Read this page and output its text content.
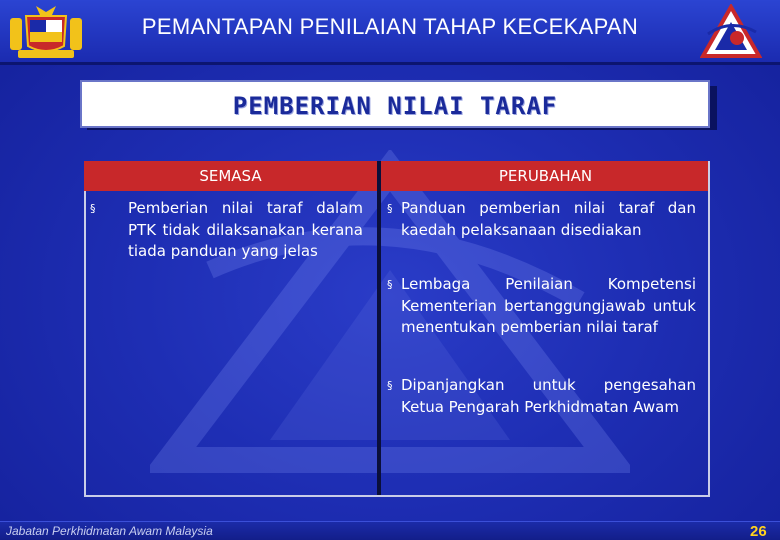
PEMANTAPAN PENILAIAN TAHAP KECEKAPAN
PEMBERIAN NILAI TARAF
SEMASA	PERUBAHAN
§ Pemberian nilai taraf dalam PTK tidak dilaksanakan kerana tiada panduan yang jelas
§ Panduan pemberian nilai taraf dan kaedah pelaksanaan disediakan
§ Lembaga Penilaian Kompetensi Kementerian bertanggungjawab untuk menentukan pemberian nilai taraf
§ Dipanjangkan untuk pengesahan Ketua Pengarah Perkhidmatan Awam
Jabatan Perkhidmatan Awam Malaysia	26
